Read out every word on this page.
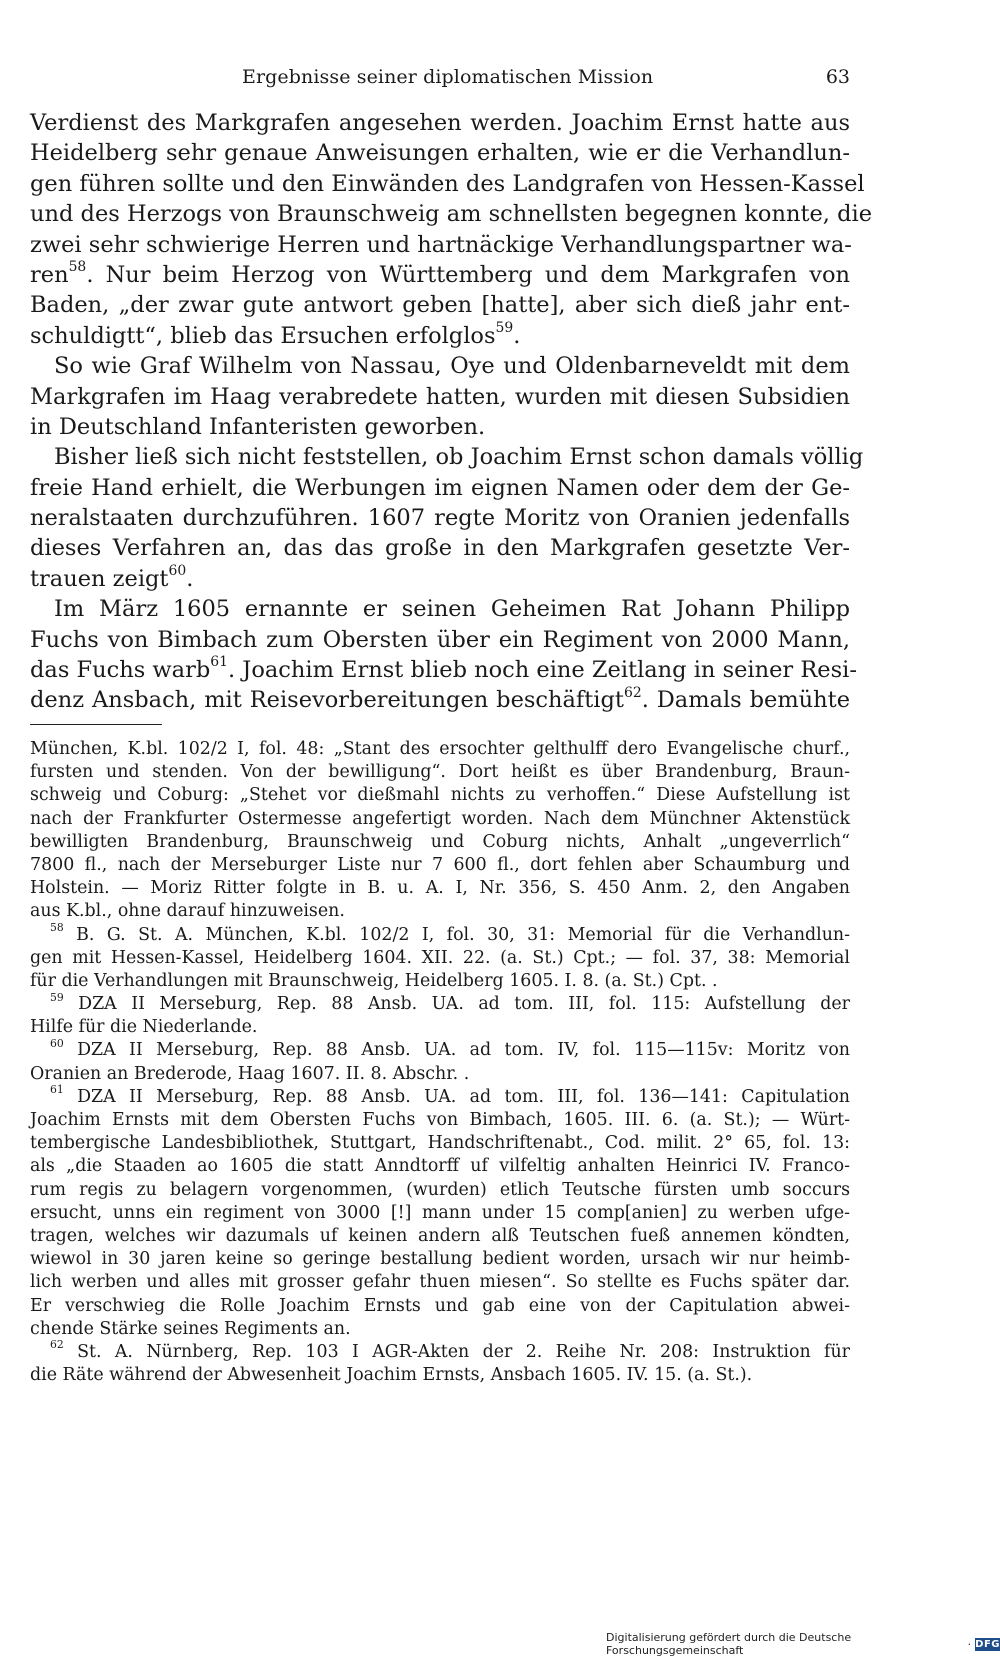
Ergebnisse seiner diplomatischen Mission	63
Verdienst des Markgrafen angesehen werden. Joachim Ernst hatte aus
Heidelberg sehr genaue Anweisungen erhalten, wie er die Verhandlun-
gen führen sollte und den Einwänden des Landgrafen von Hessen-Kassel
und des Herzogs von Braunschweig am schnellsten begegnen konnte, die
zwei sehr schwierige Herren und hartnäckige Verhandlungspartner wa-
ren$^{58}$. Nur beim Herzog von Württemberg und dem Markgrafen von
Baden, „der zwar gute antwort geben [hatte], aber sich dieß jahr ent-
schuldigtt“, blieb das Ersuchen erfolglos$^{59}$.
So wie Graf Wilhelm von Nassau, Oye und Oldenbarneveldt mit dem
Markgrafen im Haag verabredete hatten, wurden mit diesen Subsidien
in Deutschland Infanteristen geworben.
Bisher ließ sich nicht feststellen, ob Joachim Ernst schon damals völlig
freie Hand erhielt, die Werbungen im eignen Namen oder dem der Ge-
neralstaaten durchzuführen. 1607 regte Moritz von Oranien jedenfalls
dieses Verfahren an, das das große in den Markgrafen gesetzte Ver-
trauen zeigt$^{60}$.
Im März 1605 ernannte er seinen Geheimen Rat Johann Philipp
Fuchs von Bimbach zum Obersten über ein Regiment von 2000 Mann,
das Fuchs warb$^{61}$. Joachim Ernst blieb noch eine Zeitlang in seiner Resi-
denz Ansbach, mit Reisevorbereitungen beschäftigt$^{62}$. Damals bemühte
München, K.bl. 102/2 I, fol. 48: „Stant des ersochter gelthulff dero Evangelische churf.,
fursten und stenden. Von der bewilligung“. Dort heißt es über Brandenburg, Braun-
schweig und Coburg: „Stehet vor dießmahl nichts zu verhoffen.“ Diese Aufstellung ist
nach der Frankfurter Ostermesse angefertigt worden. Nach dem Münchner Aktenstück
bewilligten Brandenburg, Braunschweig und Coburg nichts, Anhalt „ungeverrlich“
7800 fl., nach der Merseburger Liste nur 7 600 fl., dort fehlen aber Schaumburg und
Holstein. — Moriz Ritter folgte in B. u. A. I, Nr. 356, S. 450 Anm. 2, den Angaben
aus K.bl., ohne darauf hinzuweisen.
$^{58}$ B. G. St. A. München, K.bl. 102/2 I, fol. 30, 31: Memorial für die Verhandlun-
gen mit Hessen-Kassel, Heidelberg 1604. XII. 22. (a. St.) Cpt.; — fol. 37, 38: Memorial
für die Verhandlungen mit Braunschweig, Heidelberg 1605. I. 8. (a. St.) Cpt. .
$^{59}$ DZA II Merseburg, Rep. 88 Ansb. UA. ad tom. III, fol. 115: Aufstellung der
Hilfe für die Niederlande.
$^{60}$ DZA II Merseburg, Rep. 88 Ansb. UA. ad tom. IV, fol. 115—115v: Moritz von
Oranien an Brederode, Haag 1607. II. 8. Abschr. .
$^{61}$ DZA II Merseburg, Rep. 88 Ansb. UA. ad tom. III, fol. 136—141: Capitulation
Joachim Ernsts mit dem Obersten Fuchs von Bimbach, 1605. III. 6. (a. St.); — Würt-
tembergische Landesbibliothek, Stuttgart, Handschriftenabt., Cod. milit. 2° 65, fol. 13:
als „die Staaden ao 1605 die statt Anndtorff uf vilfeltig anhalten Heinrici IV. Franco-
rum regis zu belagern vorgenommen, (wurden) etlich Teutsche fürsten umb soccurs
ersucht, unns ein regiment von 3000 [!] mann under 15 comp[anien] zu werben ufge-
tragen, welches wir dazumals uf keinen andern alß Teutschen fueß annemen köndten,
wiewol in 30 jaren keine so geringe bestallung bedient worden, ursach wir nur heimb-
lich werben und alles mit grosser gefahr thuen miesen“. So stellte es Fuchs später dar.
Er verschwieg die Rolle Joachim Ernsts und gab eine von der Capitulation abwei-
chende Stärke seines Regiments an.
$^{62}$ St. A. Nürnberg, Rep. 103 I AGR-Akten der 2. Reihe Nr. 208: Instruktion für
die Räte während der Abwesenheit Joachim Ernsts, Ansbach 1605. IV. 15. (a. St.).
Digitalisierung gefördert durch die Deutsche Forschungsgemeinschaft	· DFG
